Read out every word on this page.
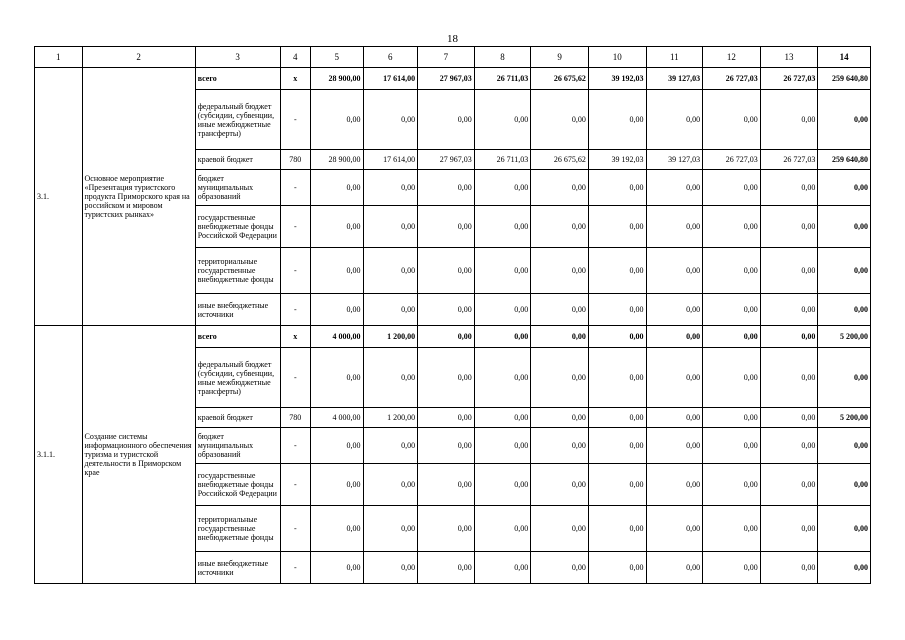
18
1	2	3	4	5	6	7	8	9	10	11	12	13	14
3.1.	Основное мероприятие «Презентация туристского продукта Приморского края на российском и мировом туристских рынках»	всего	x	28 900,00	17 614,00	27 967,03	26 711,03	26 675,62	39 192,03	39 127,03	26 727,03	26 727,03	259 640,80
		федеральный бюджет (субсидии, субвенции, иные межбюджетные трансферты)	-	0,00	0,00	0,00	0,00	0,00	0,00	0,00	0,00	0,00	0,00
		краевой бюджет	780	28 900,00	17 614,00	27 967,03	26 711,03	26 675,62	39 192,03	39 127,03	26 727,03	26 727,03	259 640,80
		бюджет муниципальных образований	-	0,00	0,00	0,00	0,00	0,00	0,00	0,00	0,00	0,00	0,00
		государственные внебюджетные фонды Российской Федерации	-	0,00	0,00	0,00	0,00	0,00	0,00	0,00	0,00	0,00	0,00
		территориальные государственные внебюджетные фонды	-	0,00	0,00	0,00	0,00	0,00	0,00	0,00	0,00	0,00	0,00
		иные внебюджетные источники	-	0,00	0,00	0,00	0,00	0,00	0,00	0,00	0,00	0,00	0,00
3.1.1.	Создание системы информационного обеспечения туризма и туристской деятельности в Приморском крае	всего	x	4 000,00	1 200,00	0,00	0,00	0,00	0,00	0,00	0,00	0,00	5 200,00
		федеральный бюджет (субсидии, субвенции, иные межбюджетные трансферты)	-	0,00	0,00	0,00	0,00	0,00	0,00	0,00	0,00	0,00	0,00
		краевой бюджет	780	4 000,00	1 200,00	0,00	0,00	0,00	0,00	0,00	0,00	0,00	5 200,00
		бюджет муниципальных образований	-	0,00	0,00	0,00	0,00	0,00	0,00	0,00	0,00	0,00	0,00
		государственные внебюджетные фонды Российской Федерации	-	0,00	0,00	0,00	0,00	0,00	0,00	0,00	0,00	0,00	0,00
		территориальные государственные внебюджетные фонды	-	0,00	0,00	0,00	0,00	0,00	0,00	0,00	0,00	0,00	0,00
		иные внебюджетные источники	-	0,00	0,00	0,00	0,00	0,00	0,00	0,00	0,00	0,00	0,00
